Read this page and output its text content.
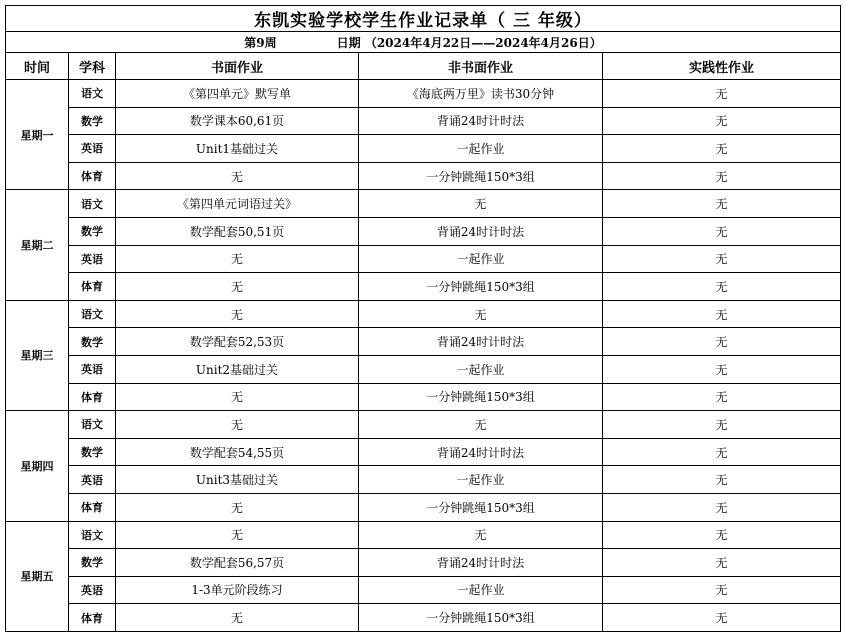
东凯实验学校学生作业记录单（ 三 年级）				
第9周 日期 （2024年4月22日——2024年4月26日）				
时间	学科	书面作业	非书面作业	实践性作业
星期一	语文	《第四单元》默写单	《海底两万里》读书30分钟	无
	数学	数学课本60,61页	背诵24时计时法	无
	英语	Unit1基础过关	一起作业	无
	体育	无	一分钟跳绳150*3组	无
星期二	语文	《第四单元词语过关》	无	无
	数学	数学配套50,51页	背诵24时计时法	无
	英语	无	一起作业	无
	体育	无	一分钟跳绳150*3组	无
星期三	语文	无	无	无
	数学	数学配套52,53页	背诵24时计时法	无
	英语	Unit2基础过关	一起作业	无
	体育	无	一分钟跳绳150*3组	无
星期四	语文	无	无	无
	数学	数学配套54,55页	背诵24时计时法	无
	英语	Unit3基础过关	一起作业	无
	体育	无	一分钟跳绳150*3组	无
星期五	语文	无	无	无
	数学	数学配套56,57页	背诵24时计时法	无
	英语	1-3单元阶段练习	一起作业	无
	体育	无	一分钟跳绳150*3组	无
